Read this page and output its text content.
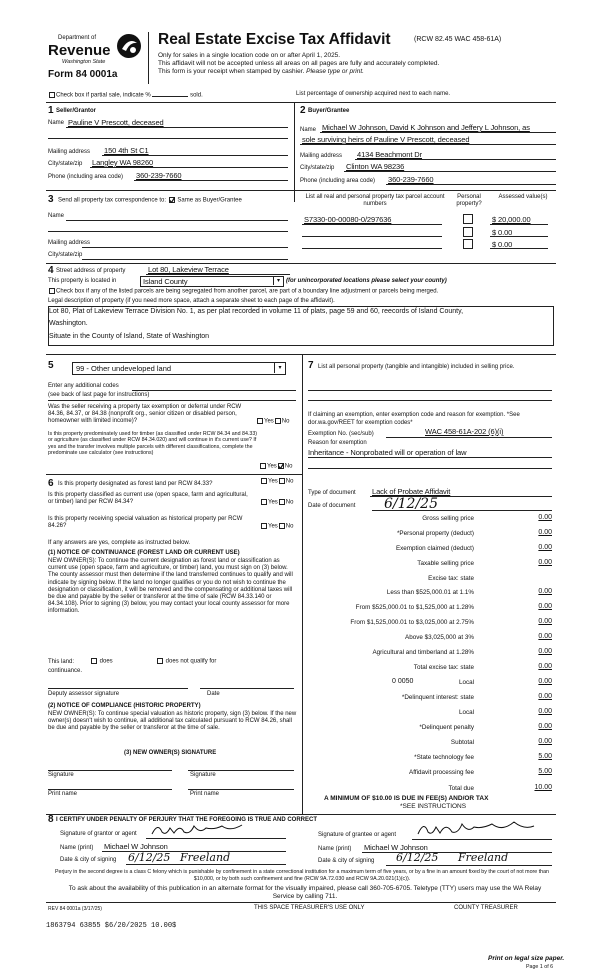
Department of
Revenue
Washington State
Form 84 0001a
Real Estate Excise Tax Affidavit	(RCW 82.45 WAC 458-61A)
Only for sales in a single location code on or after April 1, 2025.
This affidavit will not be accepted unless all areas on all pages are fully and accurately completed.
This form is your receipt when stamped by cashier. Please type or print.
Check box if partial sale, indicate %	sold.	List percentage of ownership acquired next to each name.
1 Seller/Grantor
Name Pauline V Prescott, deceased
Mailing address 150 4th St C1
City/state/zip Langley WA 98260
Phone (including area code) 360-239-7660
2 Buyer/Grantee
Name Michael W Johnson, David K Johnson and Jeffery L Johnson, as
sole surviving heirs of Pauline V Prescott, deceased
Mailing address 4134 Beachmont Dr
City/state/zip Clinton WA 98236
Phone (including area code) 360-239-7660
3 Send all property tax correspondence to: Same as Buyer/Grantee
Name
Mailing address
City/state/zip
List all real and personal property tax parcel account numbers
Personal property?
Assessed value(s)
S7330-00-00080-0/297636	$ 20,000.00
$ 0.00
$ 0.00
4 Street address of property	Lot 80, Lakeview Terrace
This property is located in	Island County	▾	(for unincorporated locations please select your county)
Check box if any of the listed parcels are being segregated from another parcel, are part of a boundary line adjustment or parcels being merged.
Legal description of property (if you need more space, attach a separate sheet to each page of the affidavit).
Lot 80, Plat of Lakeview Terrace Division No. 1, as per plat recorded in volume 11 of plats, page 59 and 60, reecords of Island County,
Washington.
Situate in the County of Island, State of Washington
5	99 - Other undeveloped land	▾
Enter any additional codes
(see back of last page for instructions)
Was the seller receiving a property tax exemption or deferral under RCW 84.36, 84.37, or 84.38 (nonprofit org., senior citizen or disabled person, homeowner with limited income)?	Yes No
Is this property predominately used for timber (as classified under RCW 84.34 and 84.33) or agriculture (as classified under RCW 84.34.020) and will continue in it's current use? If yes and the transfer involves multiple parcels with different classifications, complete the predominate use calculator (see instructions)
Yes No
6 Is this property designated as forest land per RCW 84.33?	Yes No
Is this property classified as current use (open space, farm and agricultural, or timber) land per RCW 84.34?	Yes No
Is this property receiving special valuation as historical property per RCW 84.26?	Yes No
If any answers are yes, complete as instructed below.
(1) NOTICE OF CONTINUANCE (FOREST LAND OR CURRENT USE)
NEW OWNER(S): To continue the current designation as forest land or classification as current use (open space, farm and agriculture, or timber) land, you must sign on (3) below. The county assessor must then determine if the land transferred continues to qualify and will indicate by signing below. If the land no longer qualifies or you do not wish to continue the designation or classification, it will be removed and the compensating or additional taxes will be due and payable by the seller or transferor at the time of sale (RCW 84.33.140 or 84.34.108). Prior to signing (3) below, you may contact your local county assessor for more information.
This land:	does	does not qualify for
continuance.
Deputy assessor signature	Date
(2) NOTICE OF COMPLIANCE (HISTORIC PROPERTY)
NEW OWNER(S): To continue special valuation as historic property, sign (3) below. If the new owner(s) doesn't wish to continue, all additional tax calculated pursuant to RCW 84.26, shall be due and payable by the seller or transferor at the time of sale.
(3) NEW OWNER(S) SIGNATURE
Signature	Signature
Print name	Print name
7 List all personal property (tangible and intangible) included in selling price.
If claiming an exemption, enter exemption code and reason for exemption. *See dor.wa.gov/REET for exemption codes*
Exemption No. (sec/sub)	WAC 458-61A-202 (6)(i)
Reason for exemption
Inheritance - Nonprobated will or operation of law
Type of document Lack of Probate Affidavit
Date of document 6/12/25
Gross selling price	0.00
*Personal property (deduct)	0.00
Exemption claimed (deduct)	0.00
Taxable selling price	0.00
Excise tax: state
Less than $525,000.01 at 1.1%	0.00
From $525,000.01 to $1,525,000 at 1.28%	0.00
From $1,525,000.01 to $3,025,000 at 2.75%	0.00
Above $3,025,000 at 3%	0.00
Agricultural and timberland at 1.28%	0.00
Total excise tax: state	0.00
0 0050	Local	0.00
*Delinquent interest: state	0.00
Local	0.00
*Delinquent penalty	0.00
Subtotal	0.00
*State technology fee	5.00
Affidavit processing fee	5.00
Total due	10.00
A MINIMUM OF $10.00 IS DUE IN FEE(S) AND/OR TAX
*SEE INSTRUCTIONS
8 I CERTIFY UNDER PENALTY OF PERJURY THAT THE FOREGOING IS TRUE AND CORRECT
Signature of grantor or agent
Name (print) Michael W Johnson
Date & city of signing 6/12/25 Freeland
Signature of grantee or agent
Name (print) Michael W Johnson
Date & city of signing 6/12/25 Freeland
Perjury in the second degree is a class C felony which is punishable by confinement in a state correctional institution for a maximum term of five years, or by a fine in an amount fixed by the court of not more than $10,000, or by both such confinement and fine (RCW 9A.72.030 and RCW 9A.20.021(1)(c)).
To ask about the availability of this publication in an alternate format for the visually impaired, please call 360-705-6705. Teletype (TTY) users may use the WA Relay Service by calling 711.
REV 84 0001a (3/17/25)	THIS SPACE TREASURER'S USE ONLY	COUNTY TREASURER
1863794 63855 $6/20/2025 10.00$
Print on legal size paper.
Page 1 of 6
